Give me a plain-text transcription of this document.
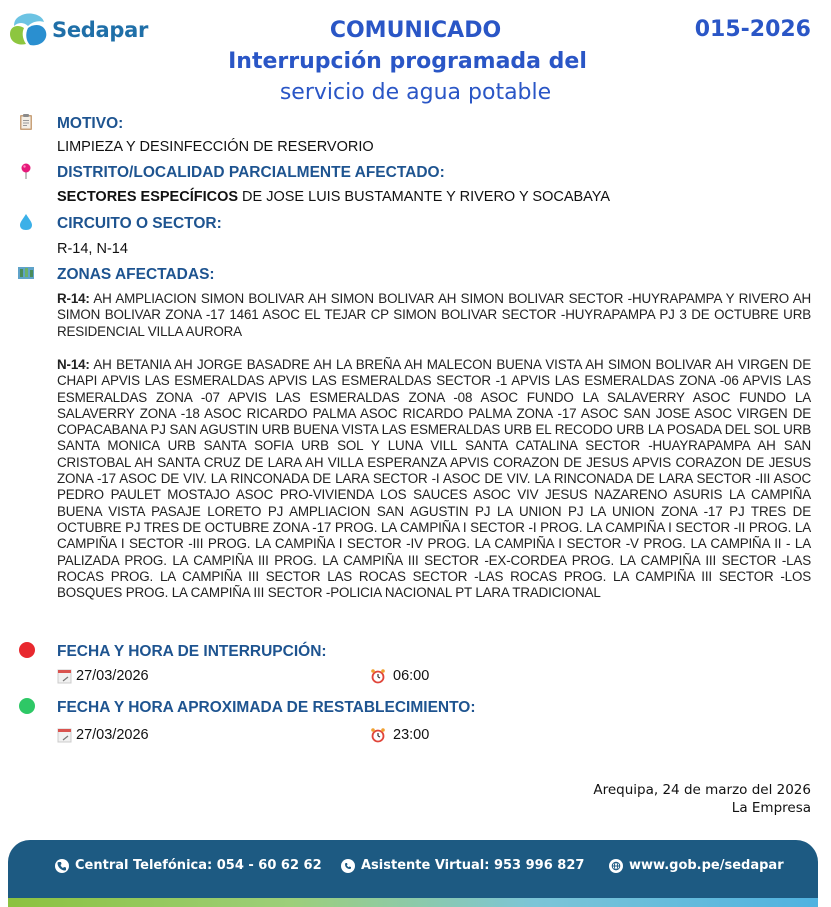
Sedapar	COMUNICADO
Interrupción programada del
servicio de agua potable
015-2026
MOTIVO:
LIMPIEZA Y DESINFECCIÓN DE RESERVORIO
DISTRITO/LOCALIDAD PARCIALMENTE AFECTADO:
SECTORES ESPECÍFICOS DE JOSE LUIS BUSTAMANTE Y RIVERO Y SOCABAYA
CIRCUITO O SECTOR:
R-14, N-14
ZONAS AFECTADAS:
R-14: AH AMPLIACION SIMON BOLIVAR AH SIMON BOLIVAR AH SIMON BOLIVAR SECTOR -HUYRAPAMPA Y RIVERO AH SIMON BOLIVAR ZONA -17 1461 ASOC EL TEJAR CP SIMON BOLIVAR SECTOR -HUYRAPAMPA PJ 3 DE OCTUBRE URB RESIDENCIAL VILLA AURORA
N-14: AH BETANIA AH JORGE BASADRE AH LA BREÑA AH MALECON BUENA VISTA AH SIMON BOLIVAR AH VIRGEN DE CHAPI APVIS LAS ESMERALDAS APVIS LAS ESMERALDAS SECTOR -1 APVIS LAS ESMERALDAS ZONA -06 APVIS LAS ESMERALDAS ZONA -07 APVIS LAS ESMERALDAS ZONA -08 ASOC FUNDO LA SALAVERRY ASOC FUNDO LA SALAVERRY ZONA -18 ASOC RICARDO PALMA ASOC RICARDO PALMA ZONA -17 ASOC SAN JOSE ASOC VIRGEN DE COPACABANA PJ SAN AGUSTIN URB BUENA VISTA LAS ESMERALDAS URB EL RECODO URB LA POSADA DEL SOL URB SANTA MONICA URB SANTA SOFIA URB SOL Y LUNA VILL SANTA CATALINA SECTOR -HUAYRAPAMPA AH SAN CRISTOBAL AH SANTA CRUZ DE LARA AH VILLA ESPERANZA APVIS CORAZON DE JESUS APVIS CORAZON DE JESUS ZONA -17 ASOC DE VIV. LA RINCONADA DE LARA SECTOR -I ASOC DE VIV. LA RINCONADA DE LARA SECTOR -III ASOC PEDRO PAULET MOSTAJO ASOC PRO-VIVIENDA LOS SAUCES ASOC VIV JESUS NAZARENO ASURIS LA CAMPIÑA BUENA VISTA PASAJE LORETO PJ AMPLIACION SAN AGUSTIN PJ LA UNION PJ LA UNION ZONA -17 PJ TRES DE OCTUBRE PJ TRES DE OCTUBRE ZONA -17 PROG. LA CAMPIÑA I SECTOR -I PROG. LA CAMPIÑA I SECTOR -II PROG. LA CAMPIÑA I SECTOR -III PROG. LA CAMPIÑA I SECTOR -IV PROG. LA CAMPIÑA I SECTOR -V PROG. LA CAMPIÑA II - LA PALIZADA PROG. LA CAMPIÑA III PROG. LA CAMPIÑA III SECTOR -EX-CORDEA PROG. LA CAMPIÑA III SECTOR -LAS ROCAS PROG. LA CAMPIÑA III SECTOR LAS ROCAS SECTOR -LAS ROCAS PROG. LA CAMPIÑA III SECTOR -LOS BOSQUES PROG. LA CAMPIÑA III SECTOR -POLICIA NACIONAL PT LARA TRADICIONAL
FECHA Y HORA DE INTERRUPCIÓN:
27/03/2026	06:00
FECHA Y HORA APROXIMADA DE RESTABLECIMIENTO:
27/03/2026	23:00
Arequipa, 24 de marzo del 2026
La Empresa
Central Telefónica: 054 - 60 62 62	Asistente Virtual: 953 996 827	www.gob.pe/sedapar
